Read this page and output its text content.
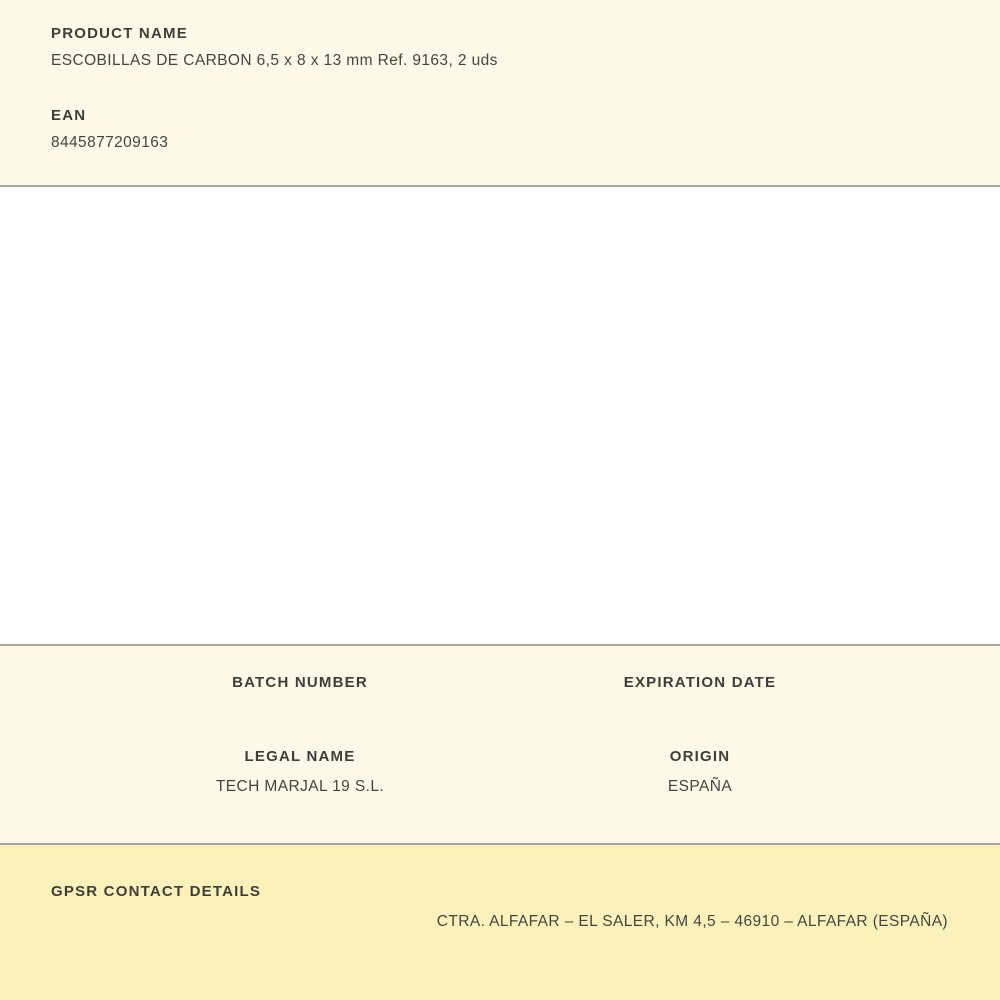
PRODUCT NAME
ESCOBILLAS DE CARBON 6,5 x 8 x 13 mm Ref. 9163, 2 uds
EAN
8445877209163
BATCH NUMBER	EXPIRATION DATE
LEGAL NAME
TECH MARJAL 19 S.L.
ORIGIN
ESPAÑA
GPSR CONTACT DETAILS
CTRA. ALFAFAR – EL SALER, KM 4,5 – 46910 – ALFAFAR (ESPAÑA)
